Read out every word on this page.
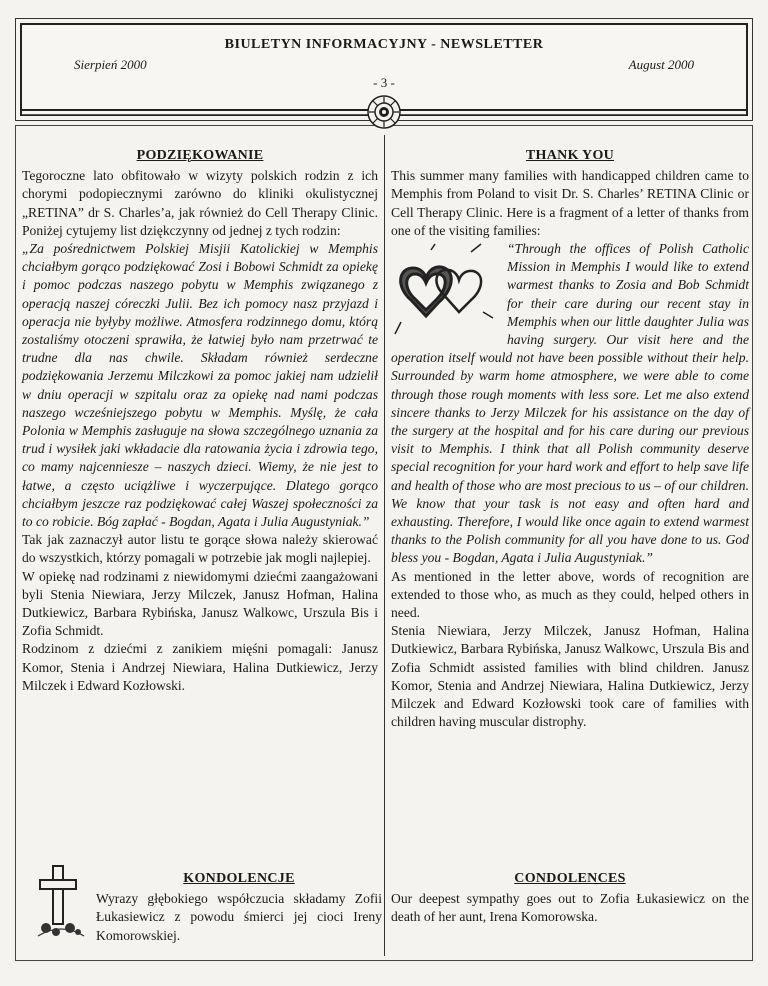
BIULETYN INFORMACYJNY - NEWSLETTER
Sierpień 2000	August 2000
- 3 -
PODZIĘKOWANIE

Tegoroczne lato obfitowało w wizyty polskich rodzin z ich chorymi podopiecznymi zarówno do kliniki okulistycznej „RETINA” dr S. Charles’a, jak również do Cell Therapy Clinic. Poniżej cytujemy list dziękczynny od jednej z tych rodzin:

„Za pośrednictwem Polskiej Misjii Katolickiej w Memphis chciałbym gorąco podziękować Zosi i Bobowi Schmidt za opiekę i pomoc podczas naszego pobytu w Memphis związanego z operacją naszej córeczki Julii. Bez ich pomocy nasz przyjazd i operacja nie byłyby możliwe. Atmosfera rodzinnego domu, którą zostaliśmy otoczeni sprawiła, że łatwiej było nam przetrwać te trudne dla nas chwile. Składam również serdeczne podziękowania Jerzemu Milczkowi za pomoc jakiej nam udzielił w dniu operacji w szpitalu oraz za opiekę nad nami podczas naszego wcześniejszego pobytu w Memphis. Myślę, że cała Polonia w Memphis zasługuje na słowa szczególnego uznania za trud i wysiłek jaki wkładacie dla ratowania życia i zdrowia tego, co mamy najcenniesze – naszych dzieci. Wiemy, że nie jest to łatwe, a często uciążliwe i wyczerpujące. Dlatego gorąco chciałbym jeszcze raz podziękować całej Waszej społeczności za to co robicie. Bóg zapłać - Bogdan, Agata i Julia Augustyniak.”

Tak jak zaznaczył autor listu te gorące słowa należy skierować do wszystkich, którzy pomagali w potrzebie jak mogli najlepiej.

W opiekę nad rodzinami z niewidomymi dziećmi zaangażowani byli Stenia Niewiara, Jerzy Milczek, Janusz Hofman, Halina Dutkiewicz, Barbara Rybińska, Janusz Walkowc, Urszula Bis i Zofia Schmidt.

Rodzinom z dziećmi z zanikiem mięśni pomagali: Janusz Komor, Stenia i Andrzej Niewiara, Halina Dutkiewicz, Jerzy Milczek i Edward Kozłowski.

THANK YOU

This summer many families with handicapped children came to Memphis from Poland to visit Dr. S. Charles’ RETINA Clinic or Cell Therapy Clinic. Here is a fragment of a letter of thanks from one of the visiting families:

“Through the offices of Polish Catholic Mission in Memphis I would like to extend warmest thanks to Zosia and Bob Schmidt for their care during our recent stay in Memphis when our little daughter Julia was having surgery. Our visit here and the operation itself would not have been possible without their help. Surrounded by warm home atmosphere, we were able to come through those rough moments with less sore. Let me also extend sincere thanks to Jerzy Milczek for his assistance on the day of the surgery at the hospital and for his care during our previous visit to Memphis. I think that all Polish community deserve special recognition for your hard work and effort to help save life and health of those who are most precious to us – of our children. We know that your task is not easy and often hard and exhausting. Therefore, I would like once again to extend warmest thanks to the Polish community for all you have done to us. God bless you - Bogdan, Agata i Julia Augustyniak.”

As mentioned in the letter above, words of recognition are extended to those who, as much as they could, helped others in need.

Stenia Niewiara, Jerzy Milczek, Janusz Hofman, Halina Dutkiewicz, Barbara Rybińska, Janusz Walkowc, Urszula Bis and Zofia Schmidt assisted families with blind children. Janusz Komor, Stenia and Andrzej Niewiara, Halina Dutkiewicz, Jerzy Milczek and Edward Kozłowski took care of families with children having muscular distrophy.

KONDOLENCJE

Wyrazy głębokiego współczucia składamy Zofii Łukasiewicz z powodu śmierci jej cioci Ireny Komorowskiej.

CONDOLENCES

Our deepest sympathy goes out to Zofia Łukasiewicz on the death of her aunt, Irena Komorowska.
